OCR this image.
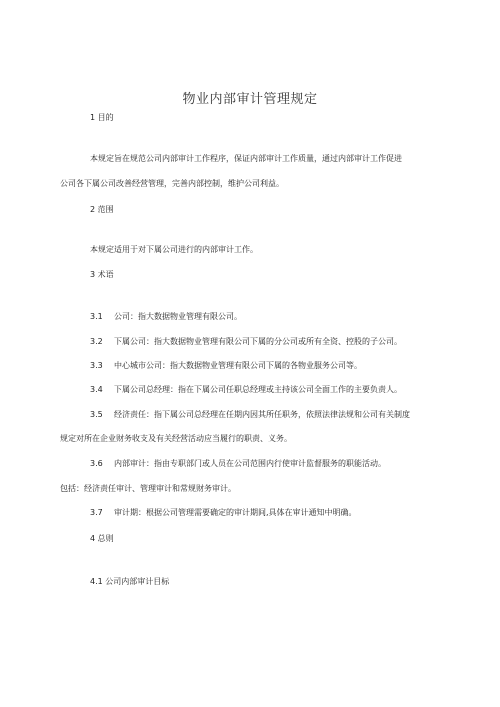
物业内部审计管理规定
1 目的
本规定旨在规范公司内部审计工作程序，保证内部审计工作质量，通过内部审计工作促进
公司各下属公司改善经营管理，完善内部控制，维护公司利益。
2 范围
本规定适用于对下属公司进行的内部审计工作。
3 术语
3.1 公司：指大数据物业管理有限公司。
3.2 下属公司：指大数据物业管理有限公司下属的分公司或所有全资、控股的子公司。
3.3 中心城市公司：指大数据物业管理有限公司下属的各物业服务公司等。
3.4 下属公司总经理：指在下属公司任职总经理或主持该公司全面工作的主要负责人。
3.5 经济责任：指下属公司总经理在任期内因其所任职务，依照法律法规和公司有关制度
规定对所在企业财务收支及有关经营活动应当履行的职责、义务。
3.6 内部审计：指由专职部门或人员在公司范围内行使审计监督服务的职能活动。
包括：经济责任审计、管理审计和常规财务审计。
3.7 审计期：根据公司管理需要确定的审计期间,具体在审计通知中明确。
4 总则
4.1 公司内部审计目标
